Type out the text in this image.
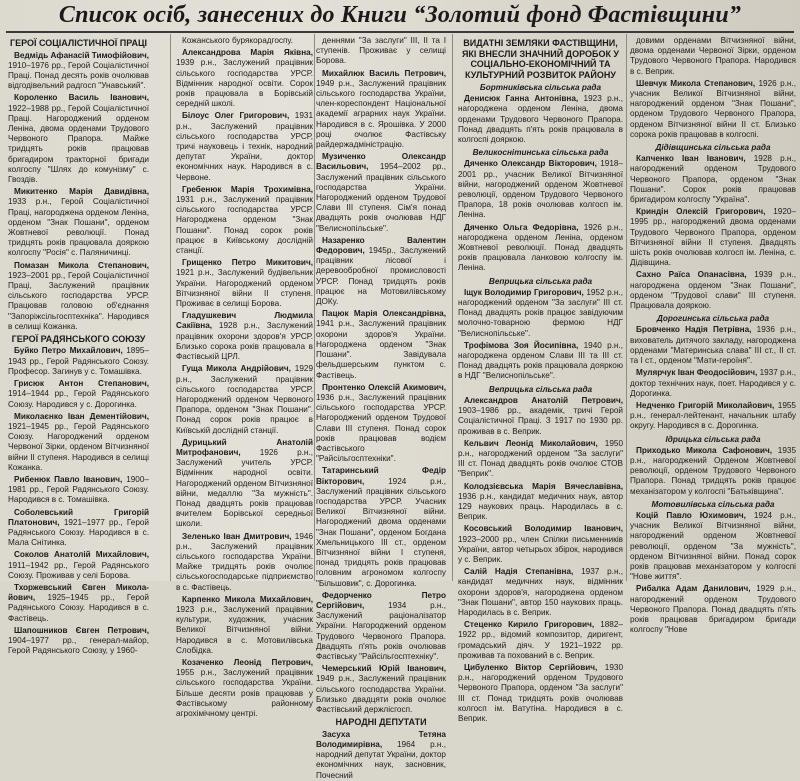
Список осіб, занесених до Книги “Золотий фонд Фастівщини”
ГЕРОЇ СОЦІАЛІСТИЧНОЇ ПРАЦІ
Ведмідь Афанасій Тимофійович, 1910–1976 рр., Герой Соціалістичної Праці. Понад десять років очолював відгодівельний радгосп "Унавський".
Короленко Василь Іванович, 1922–1988 рр., Герой Соціалістичної Праці. Нагороджений орденом Леніна, двома орденами Трудового Червоного Прапора. Майже тридцять років працював бригадиром тракторної бригади колгоспу "Шлях до комунізму" с. Гвоздів.
Микитенко Марія Давидівна, 1933 р.н., Герой Соціалістичної Праці, нагороджена орденом Леніна, орденом "Знак Пошани", орденом Жовтневої революції. Понад тридцять років працювала дояркою колгоспу "Росія" с. Паляничинці.
Помазан Микола Степанович, 1923–2001 рр., Герой Соціалістичної Праці, Заслужений працівник сільського господарства УРСР. Працював головою об'єднання "Запоріжсільгосптехніка". Народився в селищі Кожанка.
ГЕРОЇ РАДЯНСЬКОГО СОЮЗУ
Буйко Петро Михайлович, 1895–1943 рр., Герой Радянського Союзу. Професор. Загинув у с. Томашівка.
Грисюк Антон Степанович, 1914–1944 рр., Герой Радянського Союзу. Народився у с. Дорогинка.
Миколаєнко Іван Дементійович, 1921–1945 рр., Герой Радянського Союзу. Нагороджений орденом Червоної Зірки, орденом Вітчизняної війни II ступеня. Народився в селищі Кожанка.
Рибенюк Павло Іванович, 1900–1981 рр., Герой Радянського Союзу. Народився в с. Томашівка.
Соболевський Григорій Платонович, 1921–1977 рр., Герой Радянського Союзу. Народився в с. Мала Снітинка.
Соколов Анатолій Михайлович, 1911–1942 рр., Герой Радянського Союзу. Проживав у селі Борова.
Тхоржевський Євген Миколайович, 1925–1945 рр., Герой Радянського Союзу. Народився в с. Фастівець.
Шапошников Євген Петрович, 1904–1977 рр., генерал-майор, Герой Радянського Союзу, у 1960-
Кожанського бурякорадгоспу.
Александрова Марія Яківна, 1939 р.н., Заслужений працівник сільського господарства УРСР. Відмінник народної освіти. Сорок років працювала в Борівській середній школі.
Білоус Олег Григорович, 1931 р.н., Заслужений працівник сільського господарства УРСР, тричі науковець і технік, народний депутат України, доктор економічних наук. Народився в с. Червоне.
Гребенюк Марія Трохимівна, 1931 р.н., Заслужений працівник сільського господарства УРСР. Нагороджена орденом "Знак Пошани". Понад сорок років працює в Київському дослідній станції.
Грищенко Петро Микитович, 1921 р.н., Заслужений будівельник України. Нагороджений орденом Вітчизняної війни II ступеня. Проживає в селищі Борова.
Гладушкевич Людмила Сакіївна, 1928 р.н., Заслужений працівник охорони здоров'я УРСР. Близько сорока років працювала в Фастівській ЦРЛ.
Гуща Микола Андрійович, 1929 р.н., Заслужений працівник сільського господарства УРСР. Нагороджений орденом Червоного Прапора, орденом "Знак Пошани". Понад сорок років працює в Київській дослідній станції.
Дурицький Анатолій Митрофанович, 1926 р.н., Заслужений учитель УРСР. Відмінник народної освіти. Нагороджений орденом Вітчизняної війни, медаллю "За мужність". Понад двадцять років працював вчителем Борівської середньої школи.
Зеленько Іван Дмитрович, 1946 р.н., Заслужений працівник сільського господарства України. Майже тридцять років очолює сільськогосподарське підприємство в с. Фастівець.
Карпенко Микола Михайлович, 1923 р.н., Заслужений працівник культури, художник, учасник Великої Вітчизняної війни. Народився в с. Мотовилівська Слобідка.
Козаченко Леонід Петрович, 1955 р.н., Заслужений працівник сільського господарства України. Більше десяти років працював у Фастівському районному агрохімічному центрі.
деннями "За заслуги" III, II та I ступенів. Проживає у селищі Борова.
Михайлюк Василь Петрович, 1949 р.н., Заслужений працівник сільського господарства України, член-кореспондент Національної академії аграрних наук України. Народився в с. Ярошівка. У 2000 році очолює Фастівську райдержадміністрацію.
Музиченко Олександр Васильович, 1954–2002 рр., Заслужений працівник сільського господарства України. Нагороджений орденом Трудової Слави III ступеня. Сім'я понад двадцять років очолював НДГ "Велиснопільське".
Назаренко Валентин Федорович, 1945р., Заслужений працівник лісової і деревообробної промисловості УРСР. Понад тридцять років працює на Мотовилівському ДОКу.
Пацюк Марія Олександрівна, 1941 р.н., Заслужений працівник охорони здоров'я України. Нагороджена орденом "Знак Пошани". Завідувала фельдшерським пунктом с. Фастівець.
Пронтенко Олексій Акимович, 1936 р.н., Заслужений працівник сільського господарства УРСР. Нагороджений орденом Трудової Слави III ступеня. Понад сорок років працював водієм Фастівського "Райсільгосптехніки".
Татаринський Федір Вікторович,	1924 р.н., Заслужений працівник сільського господарства УРСР. Учасник Великої Вітчизняної війни. Нагороджений двома орденами "Знак Пошани", орденом Богдана Хмельницького III ст., орденом Вітчизняної війни I ступеня, понад тридцять років працював головним агрономом колгоспу "Більшовик", с. Дорогинка.
Федорченко Петро Сергійович,	1934 р.н., Заслужений раціоналізатор України. Нагороджений орденом Трудового Червоного Прапора. Двадцять п'ять років очолював Фастівську "Райсільгосптехніку".
Чемерський Юрій Іванович, 1949 р.н., Заслужений працівник сільського господарства України. Близько двадцяти років очолює Фастівський держлісгосп.
НАРОДНІ ДЕПУТАТИ
Засуха Тетяна Володимирівна, 1964 р.н., народний депутат України, доктор економічних наук, засновник, Почесний
ВИДАТНІ ЗЕМЛЯКИ ФАСТІВЩИНИ, ЯКІ ВНЕСЛИ ЗНАЧНИЙ ДОРОБОК У СОЦІАЛЬНО-ЕКОНОМІЧНИЙ ТА КУЛЬТУРНИЙ РОЗВИТОК РАЙОНУ
Бортниківська сільська рада
Денисюк Ганна Антонівна, 1923 р.н., нагороджена орденом Леніна, двома орденами Трудового Червоного Прапора. Понад двадцять п'ять років працювала в колгоспі дояркою.
Великоснітинська сільська рада
Дяченко Олександр Вікторович, 1918–2001 рр., учасник Великої Вітчизняної війни, нагороджений орденом Жовтневої революції, орденом Трудового Червоного Прапора, 18 років очолював колгосп ім. Леніна.
Дяченко Ольга Федорівна, 1926 р.н., нагороджена орденом Леніна, орденом Жовтневої революції. Понад двадцять років працювала ланковою колгоспу ім. Леніна.
Веприцька сільська рада
Іщук Володимир Григорович, 1952 р.н., нагороджений орденом "За заслуги" III ст. Понад двадцять років працює завідуючим молочно-товарною фермою НДГ "Велиснопільське".
Трофімова Зоя Йосипівна, 1940 р.н., нагороджена орденом Слави III та III ст. Понад двадцять років працювала дояркою в НДГ "Велиснопільське".
Веприцька сільська рада
Александров Анатолій Петрович, 1903–1986 рр., академік, тричі Герой Соціалістичної Праці. З 1917 по 1930 рр. проживав в с. Веприк.
Кельвич Леонід Миколайович, 1950 р.н., нагороджений орденом "За заслуги" III ст. Понад двадцять років очолює СТОВ "Веприк".
Колодзієвська Марія Вячеславівна, 1936 р.н., кандидат медичних наук, автор 129 наукових праць. Народилась в с. Веприк.
Косовський Володимир Іванович, 1923–2000 рр., член Спілки письменників України, автор четырьох збірок, народився у с. Веприк.
Салій Надія Степанівна, 1937 р.н., кандидат медичних наук, відмінник охорони здоров'я, нагороджена орденом "Знак Пошани", автор 150 наукових праць. Народилась в с. Веприк.
Стеценко Кирило Григорович, 1882–1922 рр., відомий композитор, диригент, громадський діяч. У 1921–1922 рр. проживав та похований в с. Веприк.
Цибуленко Віктор Сергійович, 1930 р.н., нагороджений орденом Трудового Червоного Прапора, орденом "За заслуги" III ст. Понад тридцять років очолював колгосп ім. Ватутіна. Народився в с. Веприк.
довими орденами Вітчизняної війни, двома орденами Червоної Зірки, орденом Трудового Червоного Прапора. Народився в с. Веприк.
Шевчук Микола Степанович, 1926 р.н., учасник Великої Вітчизняної війни, нагороджений орденом "Знак Пошани", орденом Трудового Червоного Прапора, орденом Вітчизняної війни II ст. Близько сорока років працював в колгоспі.
Дідівщинська сільська рада
Капченко Іван Іванович, 1928 р.н., нагороджений орденом Трудового Червоного Прапора, орденом "Знак Пошани". Сорок років працював бригадиром колгоспу "Україна".
Криндін Олексій Григорович, 1920–1995 рр., нагороджений двома орденами Трудового Червоного Прапора, орденом Вітчизняної війни II ступеня. Двадцять шість років очолював колгосп ім. Леніна, с. Дідівщина.
Сахно Раїса Опанасівна, 1939 р.н., нагороджена орденом "Знак Пошани", орденом "Трудової слави" III ступеня. Працювала дояркою.
Дорогинська сільська рада
Бровченко Надія Петрівна, 1936 р.н., вихователь дитячого закладу, нагороджена орденами "Материнська слава" III ст., II ст. та I ст., орденом "Мати-героїня".
Мулярчук Іван Феодосійович, 1937 р.н., доктор технічних наук, поет. Народився у с. Дорогинка.
Недченко Григорій Миколайович, 1955 р.н., генерал-лейтенант, начальник штабу округу. Народився в с. Дорогинка.
Ідрицька сільська рада
Приходько Микола Сафонович, 1935 р.н., нагороджений Орденом Жовтневої революції, орденом Трудового Червоного Прапора. Понад тридцять років працює механізатором у колгоспі "Батьківщина".
Мотовилівська сільська рада
Коцій Павло Юхимович, 1924 р.н., учасник Великої Вітчизняної війни, нагороджений орденом Жовтневої революції, орденом "За мужність", орденом Вітчизняної війни. Понад сорок років працював механізатором у колгоспі "Нове життя".
Рибалка Адам Данилович, 1929 р.н., нагороджений орденом Трудового Червоного Прапора. Понад двадцять п'ять років працював бригадиром бригади колгоспу "Нове
